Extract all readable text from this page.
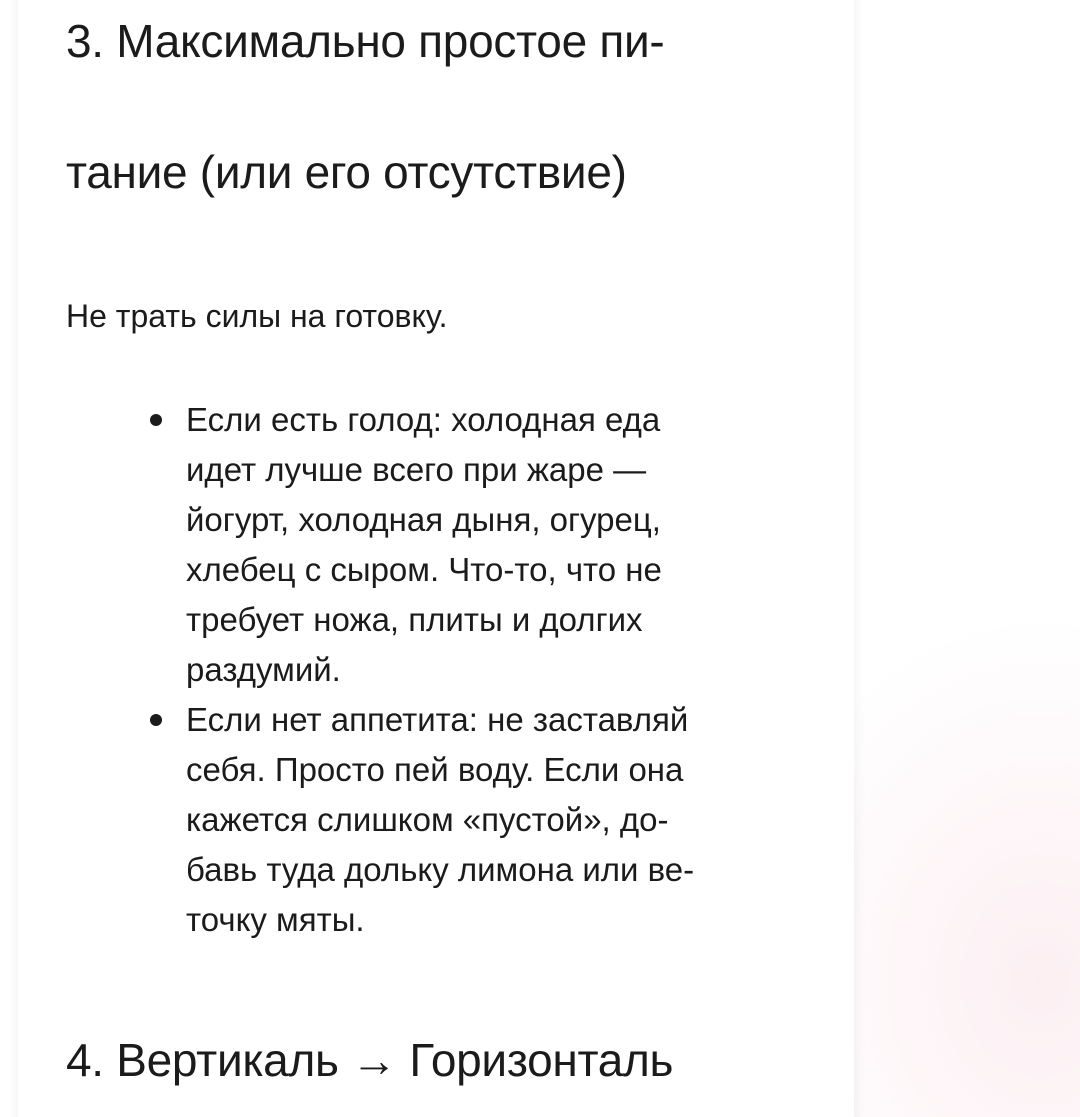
3. Максимально простое пи-
тание (или его отсутствие)

Не трать силы на готовку.

Если есть голод: холодная еда
идет лучше всего при жаре —
йогурт, холодная дыня, огурец,
хлебец с сыром. Что-то, что не
требует ножа, плиты и долгих
раздумий.
Если нет аппетита: не заставляй
себя. Просто пей воду. Если она
кажется слишком «пустой», до-
бавь туда дольку лимона или ве-
точку мяты.
4. Вертикаль → Горизонталь
